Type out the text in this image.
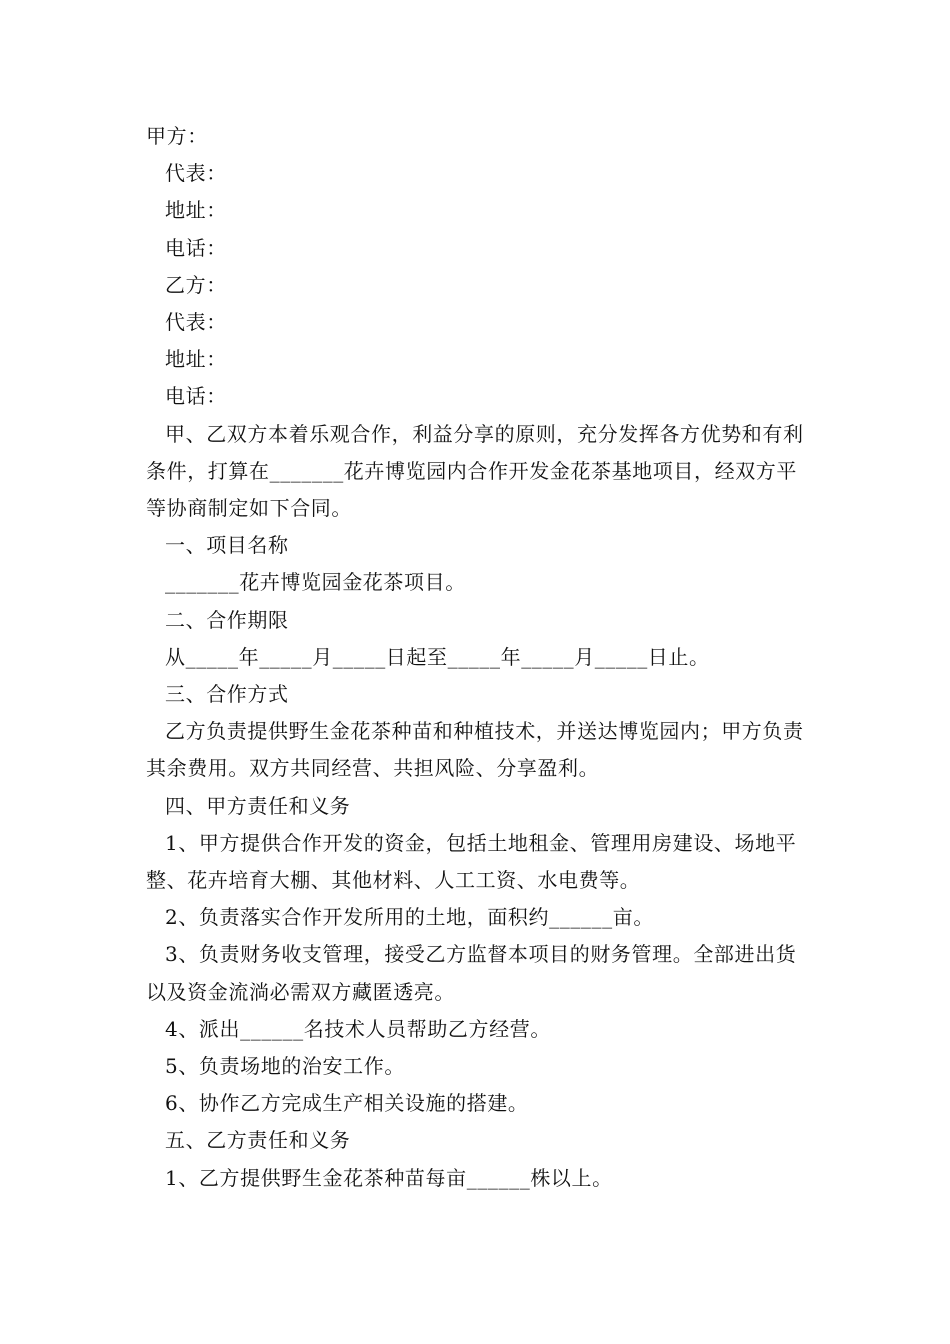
甲方：

代表：

地址：

电话：

乙方：

代表：

地址：

电话：

甲、乙双方本着乐观合作，利益分享的原则，充分发挥各方优势和有利条件，打算在_______花卉博览园内合作开发金花茶基地项目，经双方平等协商制定如下合同。

一、项目名称

_______花卉博览园金花茶项目。

二、合作期限

从_____年_____月_____日起至_____年_____月_____日止。

三、合作方式

乙方负责提供野生金花茶种苗和种植技术，并送达博览园内；甲方负责其余费用。双方共同经营、共担风险、分享盈利。

四、甲方责任和义务

1、甲方提供合作开发的资金，包括土地租金、管理用房建设、场地平整、花卉培育大棚、其他材料、人工工资、水电费等。

2、负责落实合作开发所用的土地，面积约______亩。

3、负责财务收支管理，接受乙方监督本项目的财务管理。全部进出货以及资金流淌必需双方藏匿透亮。

4、派出______名技术人员帮助乙方经营。

5、负责场地的治安工作。

6、协作乙方完成生产相关设施的搭建。

五、乙方责任和义务

1、乙方提供野生金花茶种苗每亩______株以上。
